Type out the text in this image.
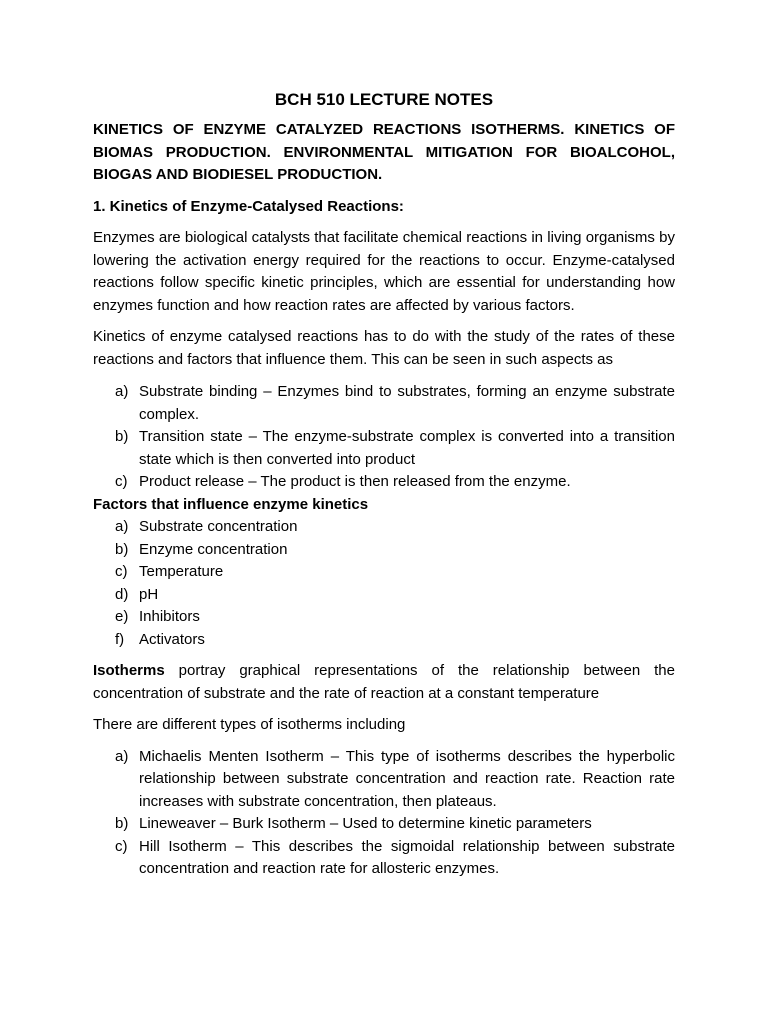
BCH 510 LECTURE NOTES
KINETICS OF ENZYME CATALYZED REACTIONS ISOTHERMS. KINETICS OF BIOMAS PRODUCTION. ENVIRONMENTAL MITIGATION FOR BIOALCOHOL, BIOGAS AND BIODIESEL PRODUCTION.
1. Kinetics of Enzyme-Catalysed Reactions:
Enzymes are biological catalysts that facilitate chemical reactions in living organisms by lowering the activation energy required for the reactions to occur. Enzyme-catalysed reactions follow specific kinetic principles, which are essential for understanding how enzymes function and how reaction rates are affected by various factors.
Kinetics of enzyme catalysed reactions has to do with the study of the rates of these reactions and factors that influence them. This can be seen in such aspects as
a) Substrate binding – Enzymes bind to substrates, forming an enzyme substrate complex.
b) Transition state – The enzyme-substrate complex is converted into a transition state which is then converted into product
c) Product release – The product is then released from the enzyme.
Factors that influence enzyme kinetics
a) Substrate concentration
b) Enzyme concentration
c) Temperature
d) pH
e) Inhibitors
f) Activators
Isotherms portray graphical representations of the relationship between the concentration of substrate and the rate of reaction at a constant temperature
There are different types of isotherms including
a) Michaelis Menten Isotherm – This type of isotherms describes the hyperbolic relationship between substrate concentration and reaction rate. Reaction rate increases with substrate concentration, then plateaus.
b) Lineweaver – Burk Isotherm – Used to determine kinetic parameters
c) Hill Isotherm – This describes the sigmoidal relationship between substrate concentration and reaction rate for allosteric enzymes.
